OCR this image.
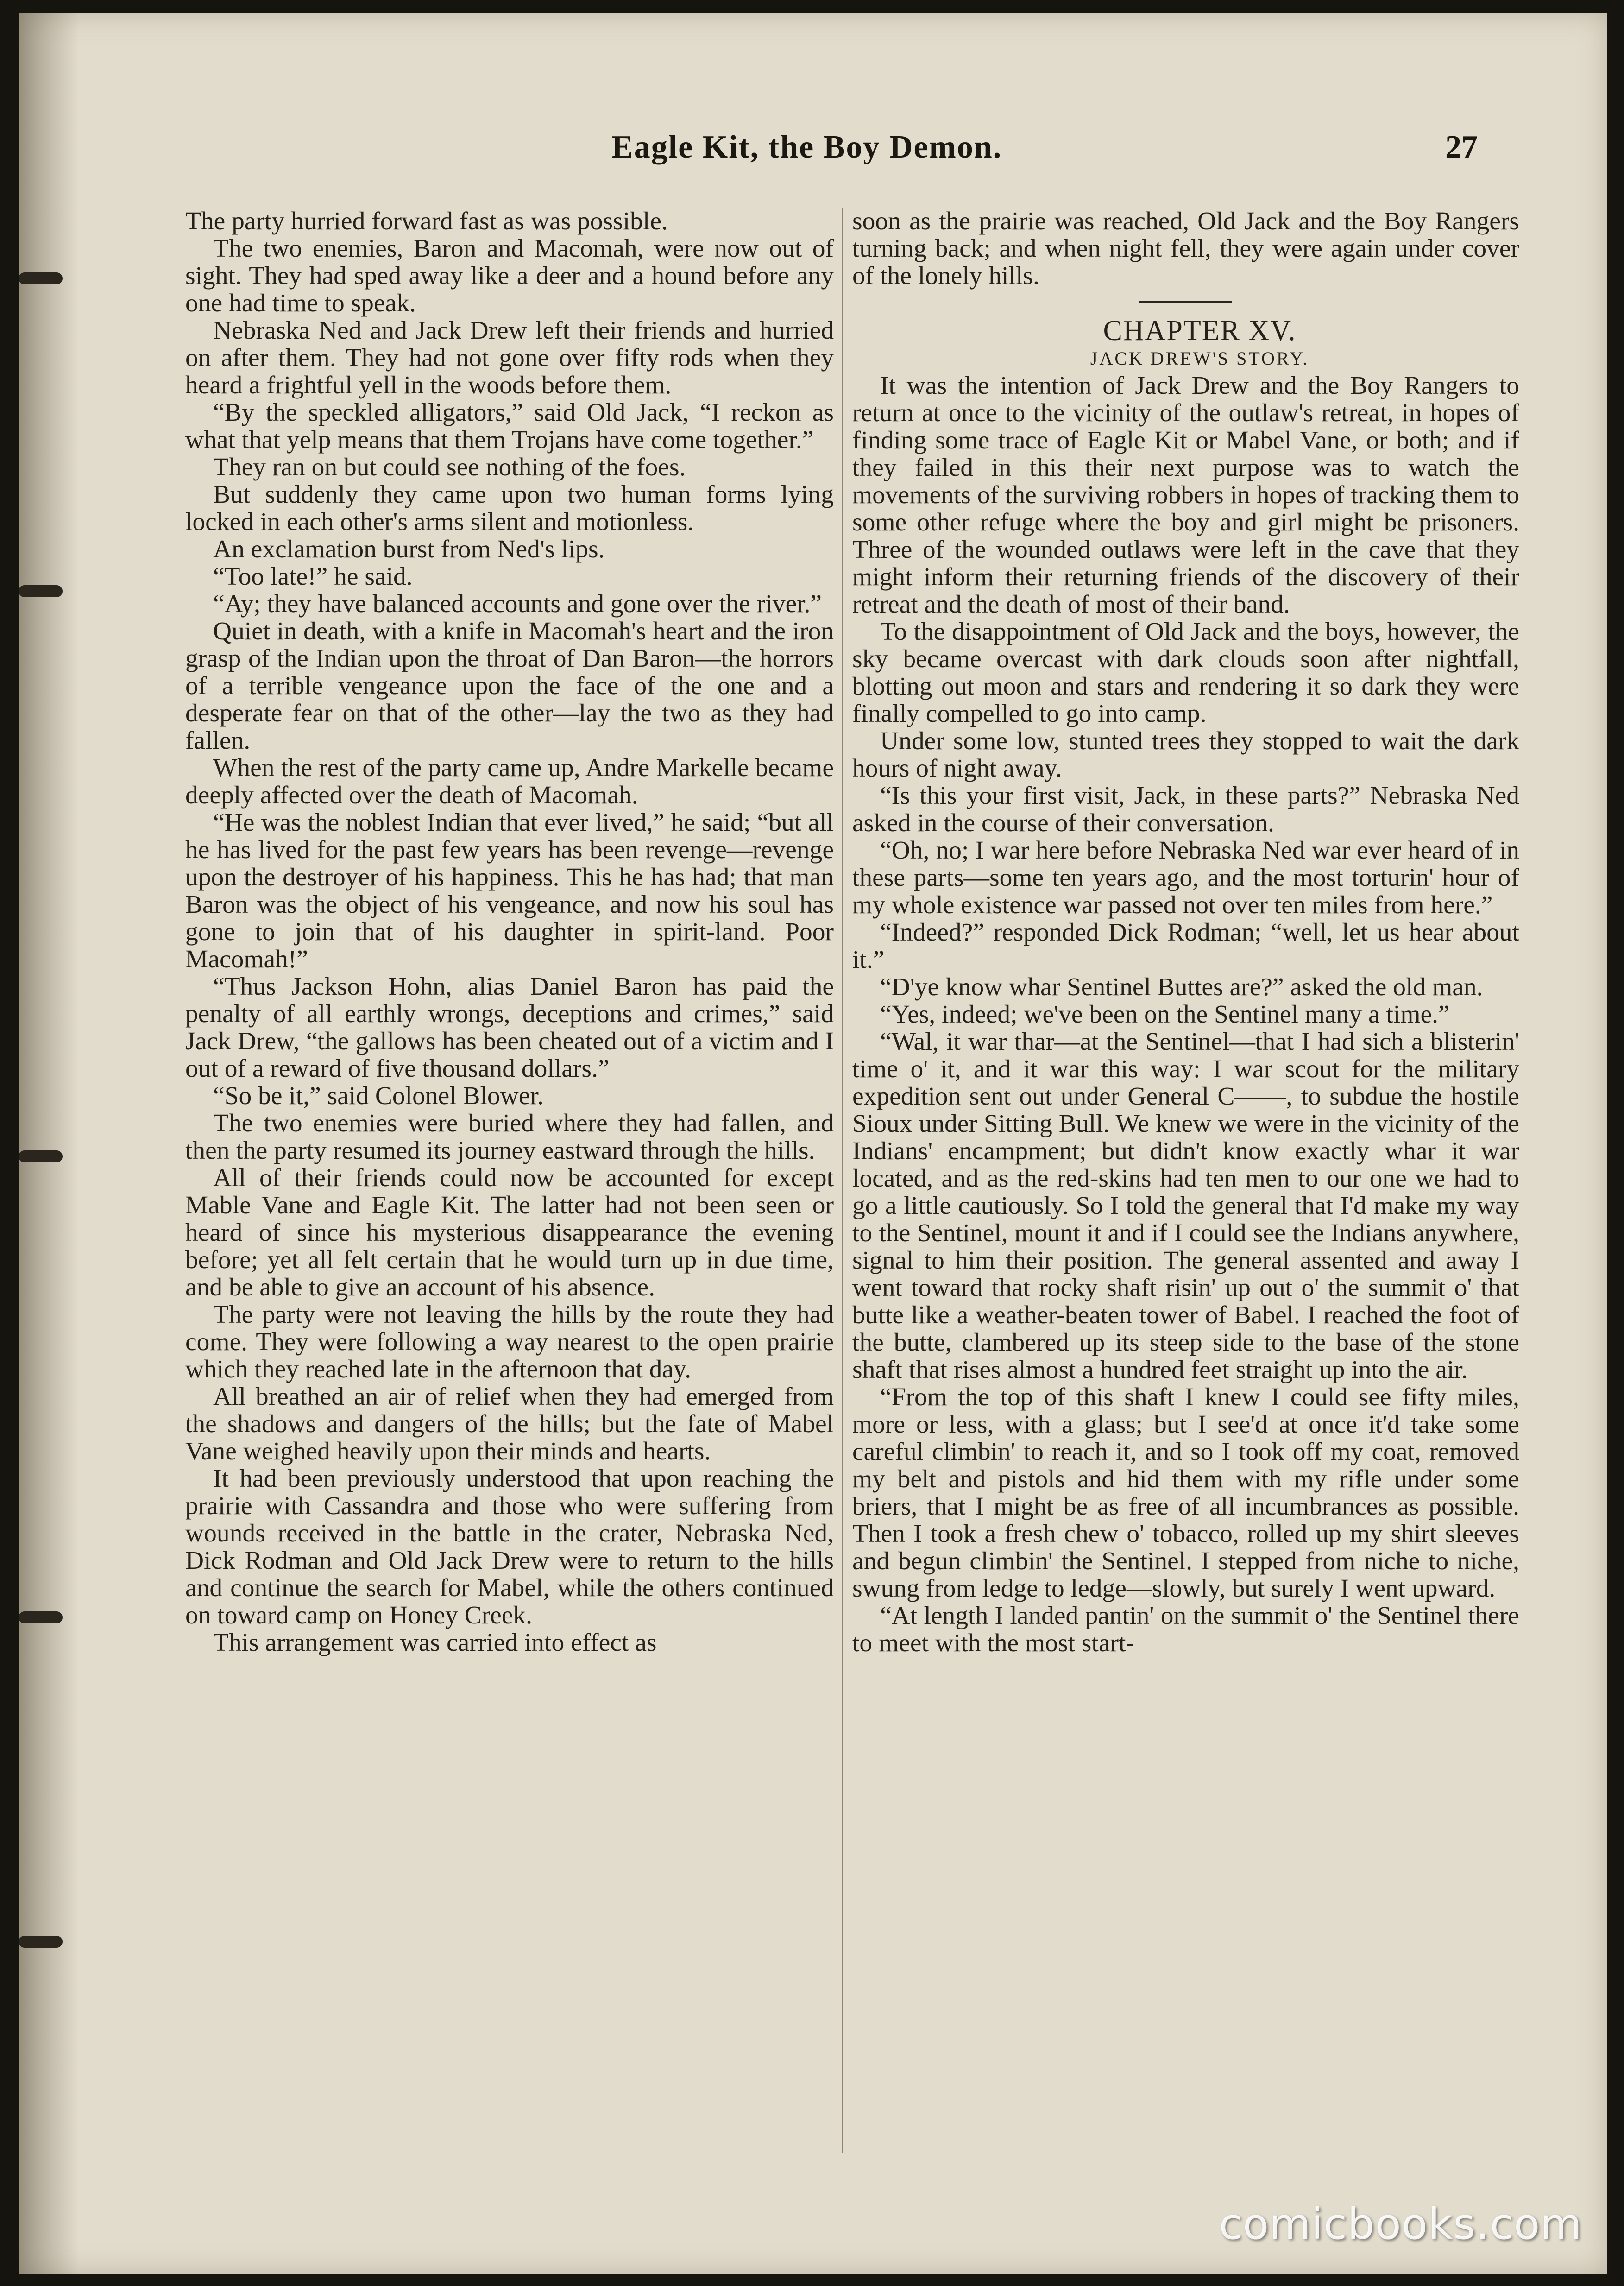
Eagle Kit, the Boy Demon.	27

The party hurried forward fast as was possible.

The two enemies, Baron and Macomah, were now out of sight. They had sped away like a deer and a hound before any one had time to speak.

Nebraska Ned and Jack Drew left their friends and hurried on after them. They had not gone over fifty rods when they heard a frightful yell in the woods before them.

“By the speckled alligators,” said Old Jack, “I reckon as what that yelp means that them Trojans have come together.”

They ran on but could see nothing of the foes.

But suddenly they came upon two human forms lying locked in each other's arms silent and motionless.

An exclamation burst from Ned's lips.

“Too late!” he said.

“Ay; they have balanced accounts and gone over the river.”

Quiet in death, with a knife in Macomah's heart and the iron grasp of the Indian upon the throat of Dan Baron—the horrors of a terrible vengeance upon the face of the one and a desperate fear on that of the other—lay the two as they had fallen.

When the rest of the party came up, Andre Markelle became deeply affected over the death of Macomah.

“He was the noblest Indian that ever lived,” he said; “but all he has lived for the past few years has been revenge—revenge upon the destroyer of his happiness. This he has had; that man Baron was the object of his vengeance, and now his soul has gone to join that of his daughter in spirit-land. Poor Macomah!”

“Thus Jackson Hohn, alias Daniel Baron has paid the penalty of all earthly wrongs, deceptions and crimes,” said Jack Drew, “the gallows has been cheated out of a victim and I out of a reward of five thousand dollars.”

“So be it,” said Colonel Blower.

The two enemies were buried where they had fallen, and then the party resumed its journey eastward through the hills.

All of their friends could now be accounted for except Mable Vane and Eagle Kit. The latter had not been seen or heard of since his mysterious disappearance the evening before; yet all felt certain that he would turn up in due time, and be able to give an account of his absence.

The party were not leaving the hills by the route they had come. They were following a way nearest to the open prairie which they reached late in the afternoon that day.

All breathed an air of relief when they had emerged from the shadows and dangers of the hills; but the fate of Mabel Vane weighed heavily upon their minds and hearts.

It had been previously understood that upon reaching the prairie with Cassandra and those who were suffering from wounds received in the battle in the crater, Nebraska Ned, Dick Rodman and Old Jack Drew were to return to the hills and continue the search for Mabel, while the others continued on toward camp on Honey Creek.

This arrangement was carried into effect as

soon as the prairie was reached, Old Jack and the Boy Rangers turning back; and when night fell, they were again under cover of the lonely hills.

CHAPTER XV.

JACK DREW'S STORY.

It was the intention of Jack Drew and the Boy Rangers to return at once to the vicinity of the outlaw's retreat, in hopes of finding some trace of Eagle Kit or Mabel Vane, or both; and if they failed in this their next purpose was to watch the movements of the surviving robbers in hopes of tracking them to some other refuge where the boy and girl might be prisoners. Three of the wounded outlaws were left in the cave that they might inform their returning friends of the discovery of their retreat and the death of most of their band.

To the disappointment of Old Jack and the boys, however, the sky became overcast with dark clouds soon after nightfall, blotting out moon and stars and rendering it so dark they were finally compelled to go into camp.

Under some low, stunted trees they stopped to wait the dark hours of night away.

“Is this your first visit, Jack, in these parts?” Nebraska Ned asked in the course of their conversation.

“Oh, no; I war here before Nebraska Ned war ever heard of in these parts—some ten years ago, and the most torturin' hour of my whole existence war passed not over ten miles from here.”

“Indeed?” responded Dick Rodman; “well, let us hear about it.”

“D'ye know whar Sentinel Buttes are?” asked the old man.

“Yes, indeed; we've been on the Sentinel many a time.”

“Wal, it war thar—at the Sentinel—that I had sich a blisterin' time o' it, and it war this way: I war scout for the military expedition sent out under General C——, to subdue the hostile Sioux under Sitting Bull. We knew we were in the vicinity of the Indians' encampment; but didn't know exactly whar it war located, and as the red-skins had ten men to our one we had to go a little cautiously. So I told the general that I'd make my way to the Sentinel, mount it and if I could see the Indians anywhere, signal to him their position. The general assented and away I went toward that rocky shaft risin' up out o' the summit o' that butte like a weather-beaten tower of Babel. I reached the foot of the butte, clambered up its steep side to the base of the stone shaft that rises almost a hundred feet straight up into the air.

“From the top of this shaft I knew I could see fifty miles, more or less, with a glass; but I see'd at once it'd take some careful climbin' to reach it, and so I took off my coat, removed my belt and pistols and hid them with my rifle under some briers, that I might be as free of all incumbrances as possible. Then I took a fresh chew o' tobacco, rolled up my shirt sleeves and begun climbin' the Sentinel. I stepped from niche to niche, swung from ledge to ledge—slowly, but surely I went upward.

“At length I landed pantin' on the summit o' the Sentinel there to meet with the most start-

comicbooks.com
